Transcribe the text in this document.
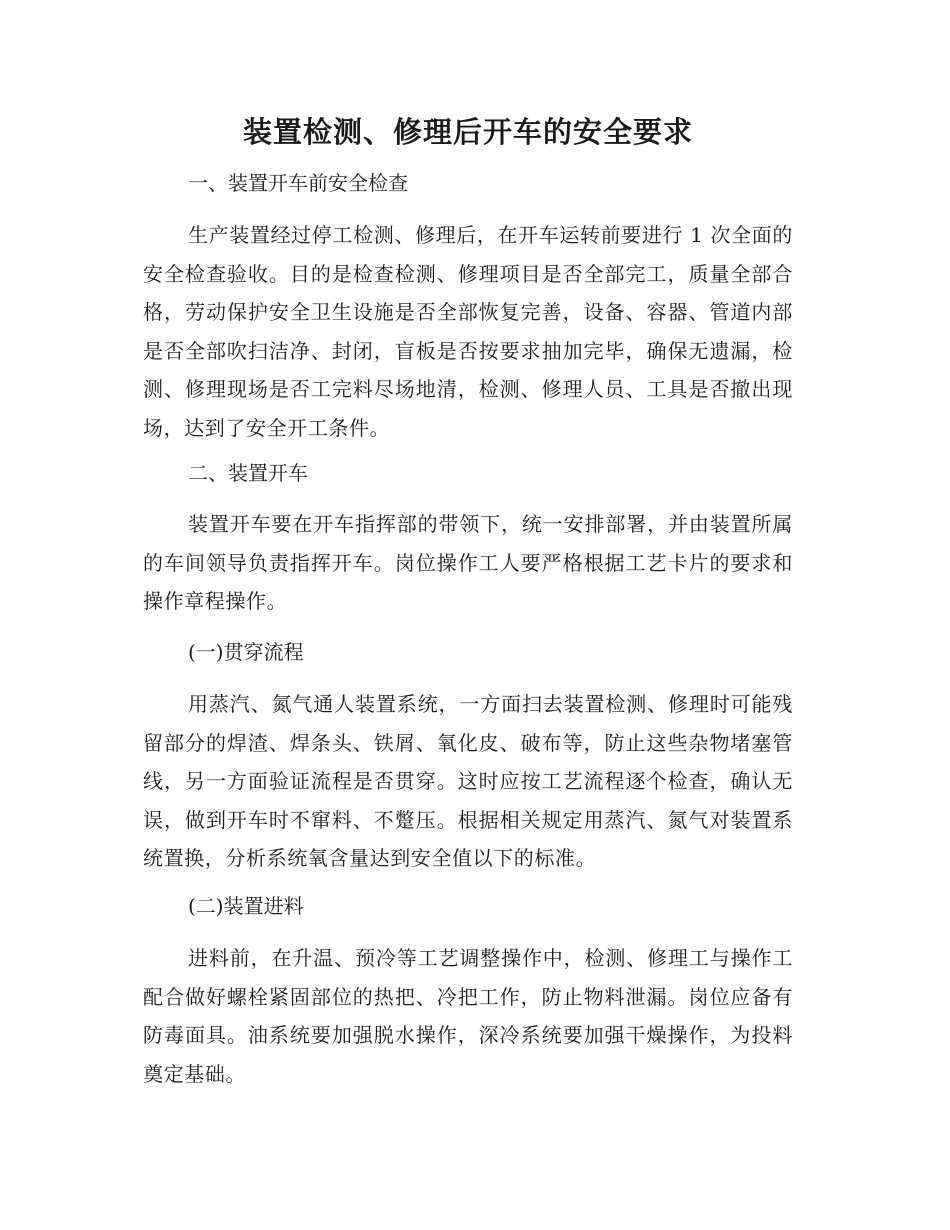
装置检测、修理后开车的安全要求

一、装置开车前安全检查

生产装置经过停工检测、修理后，在开车运转前要进行 1 次全面的安全检查验收。目的是检查检测、修理项目是否全部完工，质量全部合格，劳动保护安全卫生设施是否全部恢复完善，设备、容器、管道内部是否全部吹扫洁净、封闭，盲板是否按要求抽加完毕，确保无遗漏，检测、修理现场是否工完料尽场地清，检测、修理人员、工具是否撤出现场，达到了安全开工条件。

二、装置开车

装置开车要在开车指挥部的带领下，统一安排部署，并由装置所属的车间领导负责指挥开车。岗位操作工人要严格根据工艺卡片的要求和操作章程操作。

(一)贯穿流程

用蒸汽、氮气通人装置系统，一方面扫去装置检测、修理时可能残留部分的焊渣、焊条头、铁屑、氧化皮、破布等，防止这些杂物堵塞管线，另一方面验证流程是否贯穿。这时应按工艺流程逐个检查，确认无误，做到开车时不窜料、不蹩压。根据相关规定用蒸汽、氮气对装置系统置换，分析系统氧含量达到安全值以下的标准。

(二)装置进料

进料前，在升温、预冷等工艺调整操作中，检测、修理工与操作工配合做好螺栓紧固部位的热把、冷把工作，防止物料泄漏。岗位应备有防毒面具。油系统要加强脱水操作，深冷系统要加强干燥操作，为投料奠定基础。
